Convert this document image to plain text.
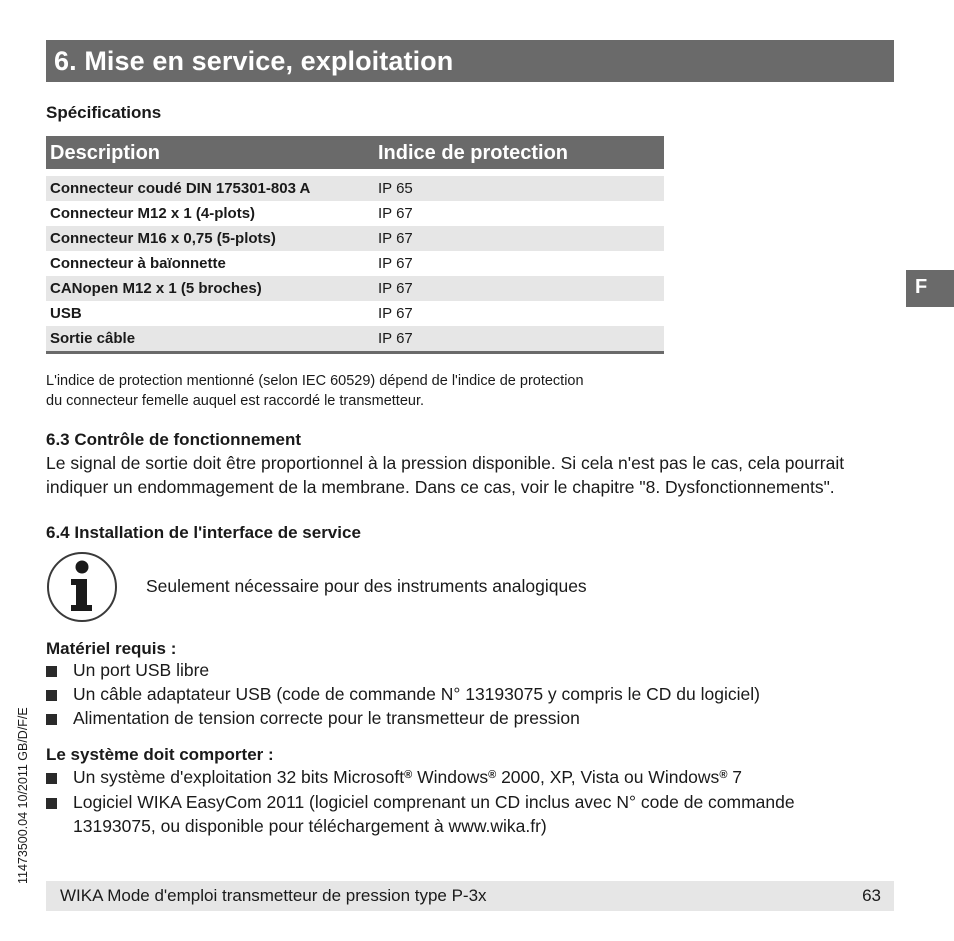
6. Mise en service, exploitation
Spécifications
Description	Indice de protection
Connecteur coudé DIN 175301-803 A	IP 65
Connecteur M12 x 1 (4-plots)	IP 67
Connecteur M16 x 0,75 (5-plots)	IP 67
Connecteur à baïonnette	IP 67
CANopen M12 x 1 (5 broches)	IP 67
USB	IP 67
Sortie câble	IP 67
L'indice de protection mentionné (selon IEC 60529) dépend de l'indice de protection
du connecteur femelle auquel est raccordé le transmetteur.
6.3 Contrôle de fonctionnement
Le signal de sortie doit être proportionnel à la pression disponible. Si cela n'est pas le cas, cela pourrait
indiquer un endommagement de la membrane. Dans ce cas, voir le chapitre "8. Dysfonctionnements".
6.4 Installation de l'interface de service
Seulement nécessaire pour des instruments analogiques
Matériel requis :
Un port USB libre
Un câble adaptateur USB (code de commande N° 13193075 y compris le CD du logiciel)
Alimentation de tension correcte pour le transmetteur de pression
Le système doit comporter :
Un système d'exploitation 32 bits Microsoft® Windows® 2000, XP, Vista ou Windows® 7
Logiciel WIKA EasyCom 2011 (logiciel comprenant un CD inclus avec N° code de commande
13193075, ou disponible pour téléchargement à www.wika.fr)
F
11473500.04 10/2011 GB/D/F/E
WIKA Mode d'emploi transmetteur de pression type P-3x	63
